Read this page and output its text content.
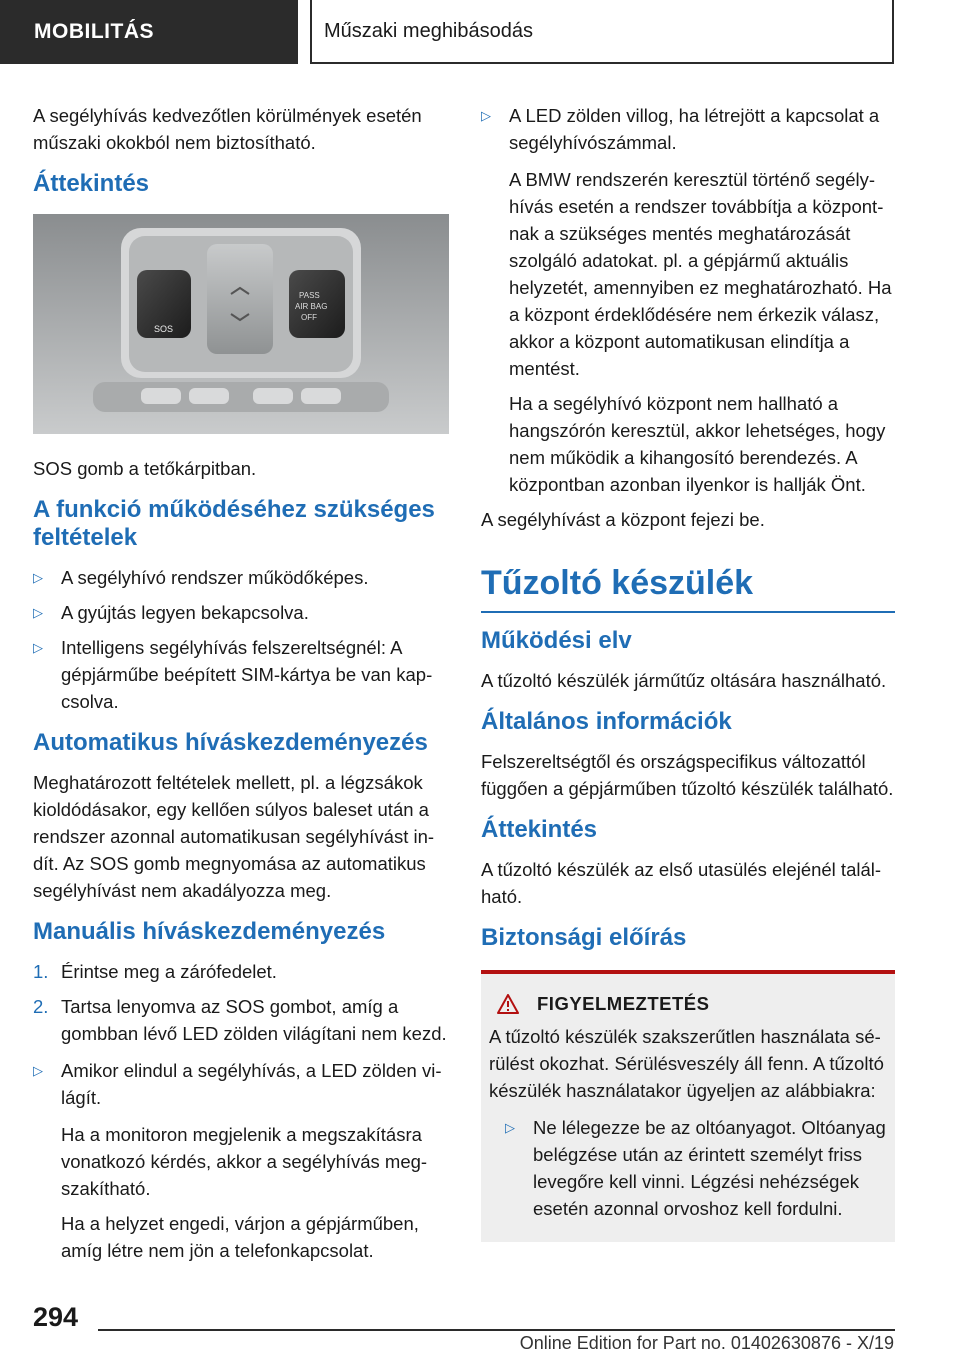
MOBILITÁS	Műszaki meghibásodás

A segélyhívás kedvezőtlen körülmények esetén műszaki okokból nem biztosítható.

Áttekintés
SOS
PASS
AIR BAG
OFF

SOS gomb a tetőkárpitban.

A funkció működéséhez szükséges feltételek
▷ A segélyhívó rendszer működőképes.
▷ A gyújtás legyen bekapcsolva.
▷ Intelligens segélyhívás felszereltségnél: A gépjárműbe beépített SIM-kártya be van kapcsolva.
Automatikus híváskezdeményezés

Meghatározott feltételek mellett, pl. a légzsákok kioldódásakor, egy kellően súlyos baleset után a rendszer azonnal automatikusan segélyhívást indít. Az SOS gomb megnyomása az automatikus segélyhívást nem akadályozza meg.

Manuális híváskezdeményezés
1. Érintse meg a zárófedelet.
2. Tartsa lenyomva az SOS gombot, amíg a gombban lévő LED zölden világítani nem kezd.
▷ Amikor elindul a segélyhívás, a LED zölden világít.

Ha a monitoron megjelenik a megszakításra vonatkozó kérdés, akkor a segélyhívás megszakítható.

Ha a helyzet engedi, várjon a gépjárműben, amíg létre nem jön a telefonkapcsolat.

▷ A LED zölden villog, ha létrejött a kapcsolat a segélyhívószámmal.

A BMW rendszerén keresztül történő segélyhívás esetén a rendszer továbbítja a központnak a szükséges mentés meghatározását szolgáló adatokat. pl. a gépjármű aktuális helyzetét, amennyiben ez meghatározható. Ha a központ érdeklődésére nem érkezik válasz, akkor a központ automatikusan elindítja a mentést.

Ha a segélyhívó központ nem hallható a hangszórón keresztül, akkor lehetséges, hogy nem működik a kihangosító berendezés. A központban azonban ilyenkor is hallják Önt.

A segélyhívást a központ fejezi be.

Tűzoltó készülék
Működési elv

A tűzoltó készülék járműtűz oltására használható.

Általános információk

Felszereltségtől és országspecifikus változattól függően a gépjárműben tűzoltó készülék található.

Áttekintés

A tűzoltó készülék az első utasülés elejénél található.

Biztonsági előírás
FIGYELMEZTETÉS

A tűzoltó készülék szakszerűtlen használata sérülést okozhat. Sérülésveszély áll fenn. A tűzoltó készülék használatakor ügyeljen az alábbiakra:

▷ Ne lélegezze be az oltóanyagot. Oltóanyag belégzése után az érintett személyt friss levegőre kell vinni. Légzési nehézségek esetén azonnal orvoshoz kell fordulni.
294
Online Edition for Part no. 01402630876 - X/19
